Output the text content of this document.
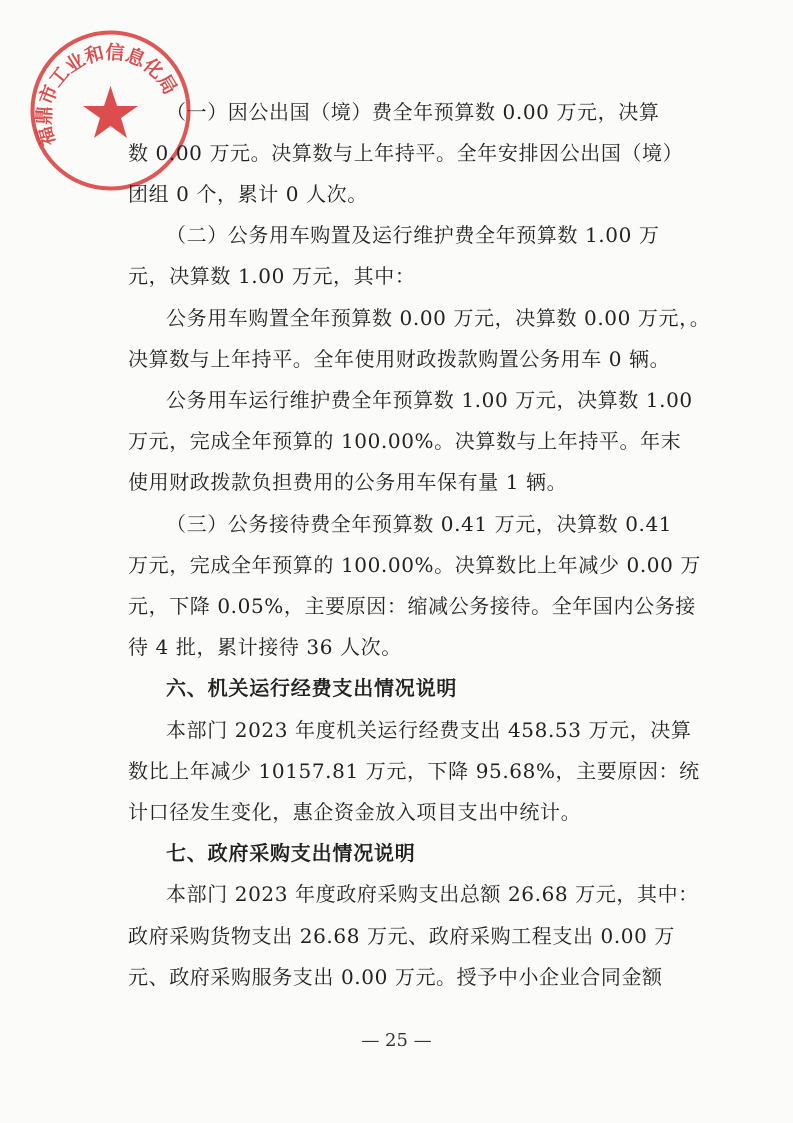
福鼎市工业和信息化局
（一）因公出国（境）费全年预算数 0.00 万元，决算
数 0.00 万元。决算数与上年持平。全年安排因公出国（境）
团组 0 个，累计 0 人次。
（二）公务用车购置及运行维护费全年预算数 1.00 万
元，决算数 1.00 万元，其中：
公务用车购置全年预算数 0.00 万元，决算数 0.00 万元，。
决算数与上年持平。全年使用财政拨款购置公务用车 0 辆。
公务用车运行维护费全年预算数 1.00 万元，决算数 1.00
万元，完成全年预算的 100.00%。决算数与上年持平。年末
使用财政拨款负担费用的公务用车保有量 1 辆。
（三）公务接待费全年预算数 0.41 万元，决算数 0.41
万元，完成全年预算的 100.00%。决算数比上年减少 0.00 万
元，下降 0.05%，主要原因：缩减公务接待。全年国内公务接
待 4 批，累计接待 36 人次。
六、机关运行经费支出情况说明
本部门 2023 年度机关运行经费支出 458.53 万元，决算
数比上年减少 10157.81 万元，下降 95.68%，主要原因：统
计口径发生变化，惠企资金放入项目支出中统计。
七、政府采购支出情况说明
本部门 2023 年度政府采购支出总额 26.68 万元，其中：
政府采购货物支出 26.68 万元、政府采购工程支出 0.00 万
元、政府采购服务支出 0.00 万元。授予中小企业合同金额
— 25 —
